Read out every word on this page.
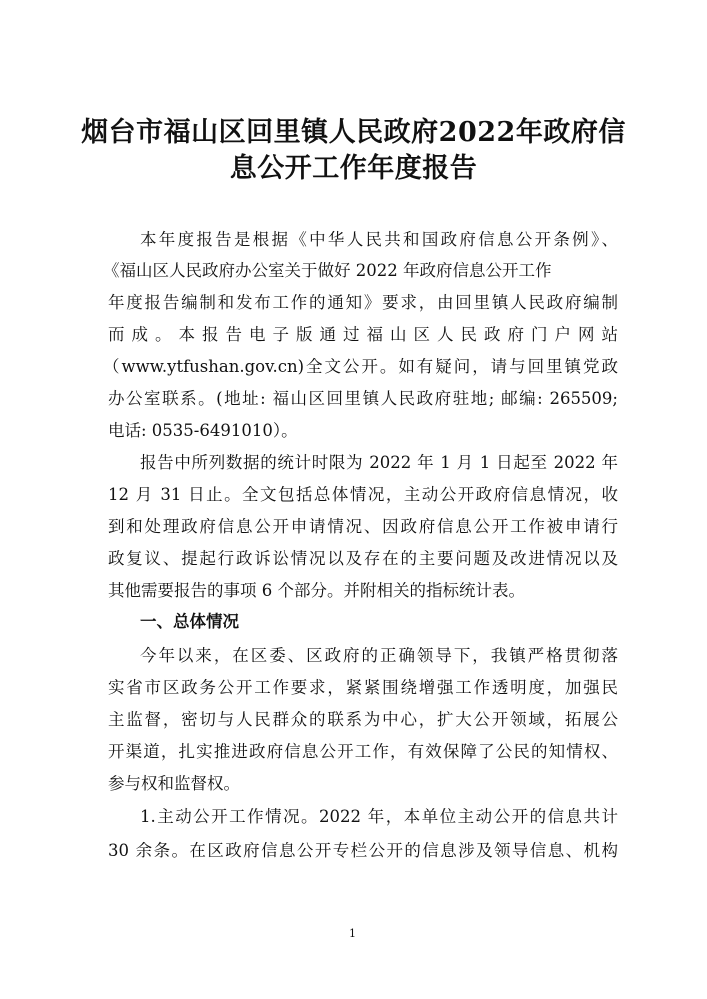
烟台市福山区回里镇人民政府2022年政府信
息公开工作年度报告
本年度报告是根据《中华人民共和国政府信息公开条例》、
《福山区人民政府办公室关于做好 2022 年政府信息公开工作
年度报告编制和发布工作的通知》要求，由回里镇人民政府编制
而成。本报告电子版通过福山区人民政府门户网站
（www.ytfushan.gov.cn)全文公开。如有疑问，请与回里镇党政
办公室联系。(地址: 福山区回里镇人民政府驻地; 邮编: 265509;
电话: 0535-6491010）。
报告中所列数据的统计时限为 2022 年 1 月 1 日起至 2022 年
12 月 31 日止。全文包括总体情况，主动公开政府信息情况，收
到和处理政府信息公开申请情况、因政府信息公开工作被申请行
政复议、提起行政诉讼情况以及存在的主要问题及改进情况以及
其他需要报告的事项 6 个部分。并附相关的指标统计表。
一、总体情况
今年以来，在区委、区政府的正确领导下，我镇严格贯彻落
实省市区政务公开工作要求，紧紧围绕增强工作透明度，加强民
主监督，密切与人民群众的联系为中心，扩大公开领域，拓展公
开渠道，扎实推进政府信息公开工作，有效保障了公民的知情权、
参与权和监督权。
1.主动公开工作情况。2022 年，本单位主动公开的信息共计
30 余条。在区政府信息公开专栏公开的信息涉及领导信息、机构
1
